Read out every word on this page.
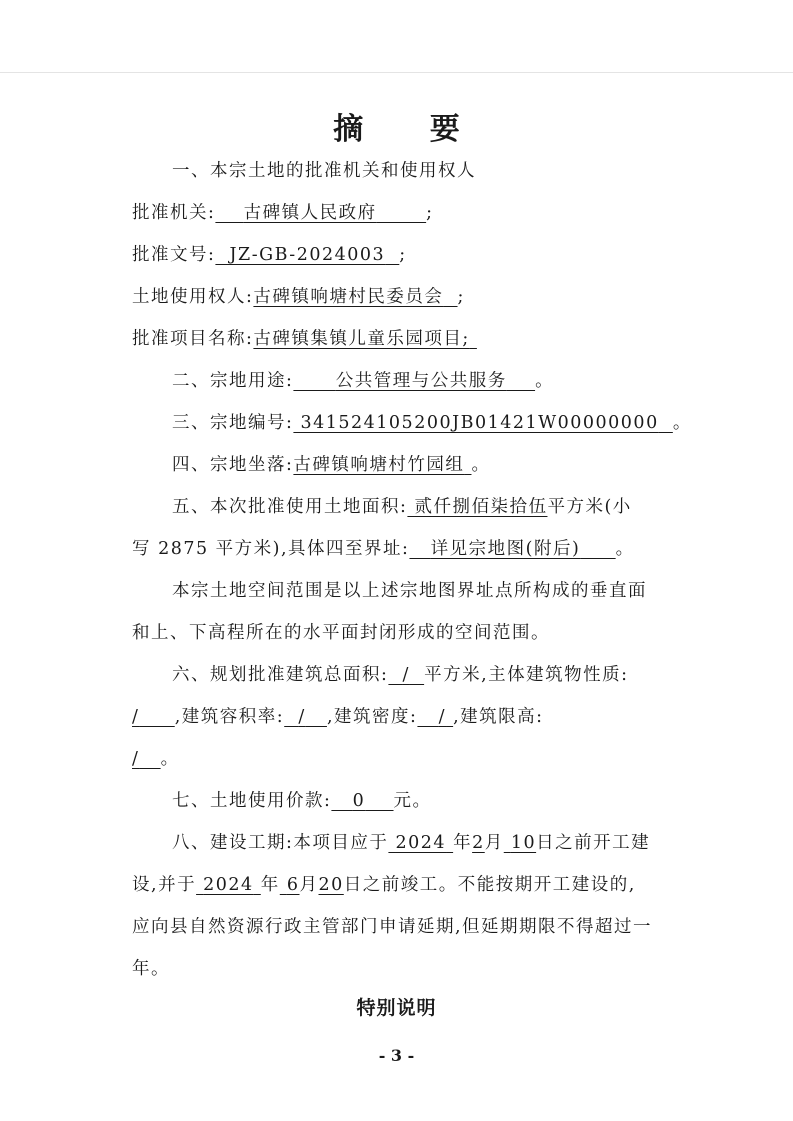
摘 要
一、本宗土地的批准机关和使用权人
批准机关: 古碑镇人民政府	;
批准文号: JZ-GB-2024003 ;
土地使用权人:古碑镇响塘村民委员会 ;
批准项目名称:古碑镇集镇儿童乐园项目;
二、宗地用途: 公共管理与公共服务 。
三、宗地编号: 341524105200JB01421W00000000 。
四、宗地坐落:古碑镇响塘村竹园组 。
五、本次批准使用土地面积: 贰仟捌佰柒拾伍平方米(小
写 2875 平方米),具体四至界址: 详见宗地图(附后) 。
本宗土地空间范围是以上述宗地图界址点所构成的垂直面
和上、下高程所在的水平面封闭形成的空间范围。
六、规划批准建筑总面积: / 平方米,主体建筑物性质:
/ ,建筑容积率: / ,建筑密度: / ,建筑限高:
/ 。
七、土地使用价款: 0 元。
八、建设工期:本项目应于 2024 年2月 10日之前开工建
设,并于 2024 年 6月20日之前竣工。不能按期开工建设的,
应向县自然资源行政主管部门申请延期,但延期期限不得超过一
年。
特别说明
- 3 -
